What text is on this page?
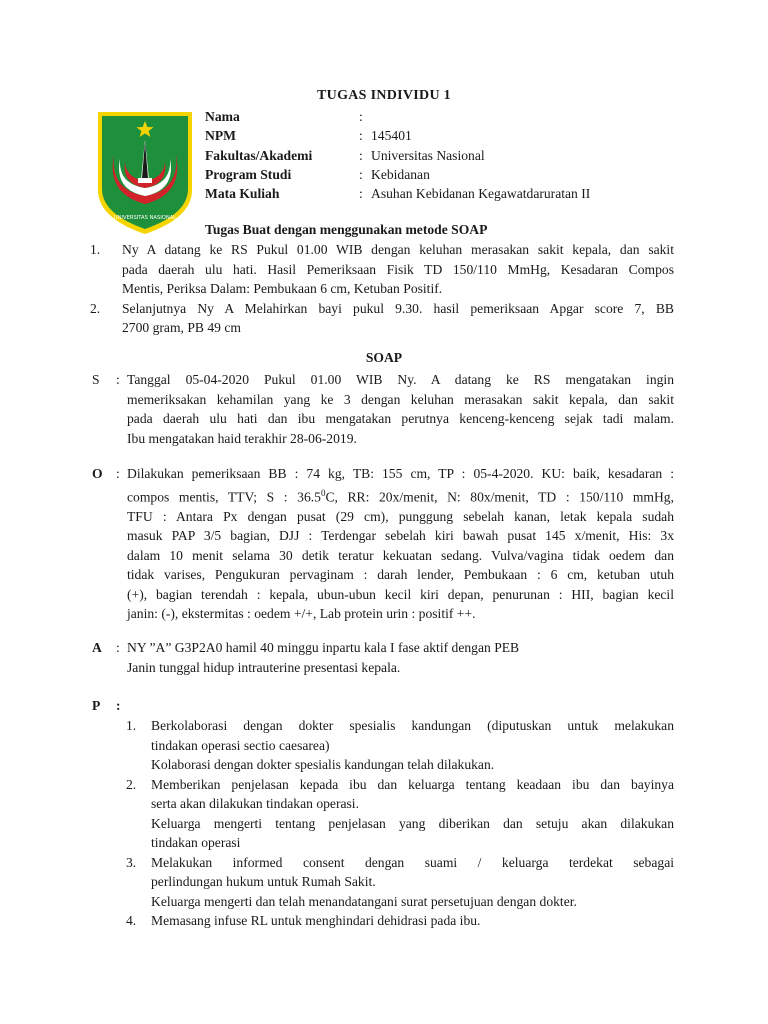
TUGAS INDIVIDU 1
UNIVERSITAS NASIONAL
Nama	:
NPM	: 145401
Fakultas/Akademi	: Universitas Nasional
Program Studi	: Kebidanan
Mata Kuliah	: Asuhan Kebidanan Kegawatdaruratan II
Tugas Buat dengan menggunakan metode SOAP
1. Ny A datang ke RS Pukul 01.00 WIB dengan keluhan merasakan sakit kepala, dan sakit
pada daerah ulu hati. Hasil Pemeriksaan Fisik TD 150/110 MmHg, Kesadaran Compos
Mentis, Periksa Dalam: Pembukaan 6 cm, Ketuban Positif.
2. Selanjutnya Ny A Melahirkan bayi pukul 9.30. hasil pemeriksaan Apgar score 7, BB
2700 gram, PB 49 cm
SOAP
S : Tanggal 05-04-2020 Pukul 01.00 WIB Ny. A datang ke RS mengatakan ingin
memeriksakan kehamilan yang ke 3 dengan keluhan merasakan sakit kepala, dan sakit
pada daerah ulu hati dan ibu mengatakan perutnya kenceng-kenceng sejak tadi malam.
Ibu mengatakan haid terakhir 28-06-2019.
O : Dilakukan pemeriksaan BB : 74 kg, TB: 155 cm, TP : 05-4-2020. KU: baik, kesadaran :
compos mentis, TTV; S : 36.5$^0$C, RR: 20x/menit, N: 80x/menit, TD : 150/110 mmHg,
TFU : Antara Px dengan pusat (29 cm), punggung sebelah kanan, letak kepala sudah
masuk PAP 3/5 bagian, DJJ : Terdengar sebelah kiri bawah pusat 145 x/menit, His: 3x
dalam 10 menit selama 30 detik teratur kekuatan sedang. Vulva/vagina tidak oedem dan
tidak varises, Pengukuran pervaginam : darah lender, Pembukaan : 6 cm, ketuban utuh
(+), bagian terendah : kepala, ubun-ubun kecil kiri depan, penurunan : HII, bagian kecil
janin: (-), ekstermitas : oedem +/+, Lab protein urin : positif ++.
A : NY ”A” G3P2A0 hamil 40 minggu inpartu kala I fase aktif dengan PEB
Janin tunggal hidup intrauterine presentasi kepala.
P :
1. Berkolaborasi dengan dokter spesialis kandungan (diputuskan untuk melakukan
tindakan operasi sectio caesarea)
Kolaborasi dengan dokter spesialis kandungan telah dilakukan.
2. Memberikan penjelasan kepada ibu dan keluarga tentang keadaan ibu dan bayinya
serta akan dilakukan tindakan operasi.
Keluarga mengerti tentang penjelasan yang diberikan dan setuju akan dilakukan
tindakan operasi
3. Melakukan informed consent dengan suami / keluarga terdekat sebagai
perlindungan hukum untuk Rumah Sakit.
Keluarga mengerti dan telah menandatangani surat persetujuan dengan dokter.
4. Memasang infuse RL untuk menghindari dehidrasi pada ibu.
